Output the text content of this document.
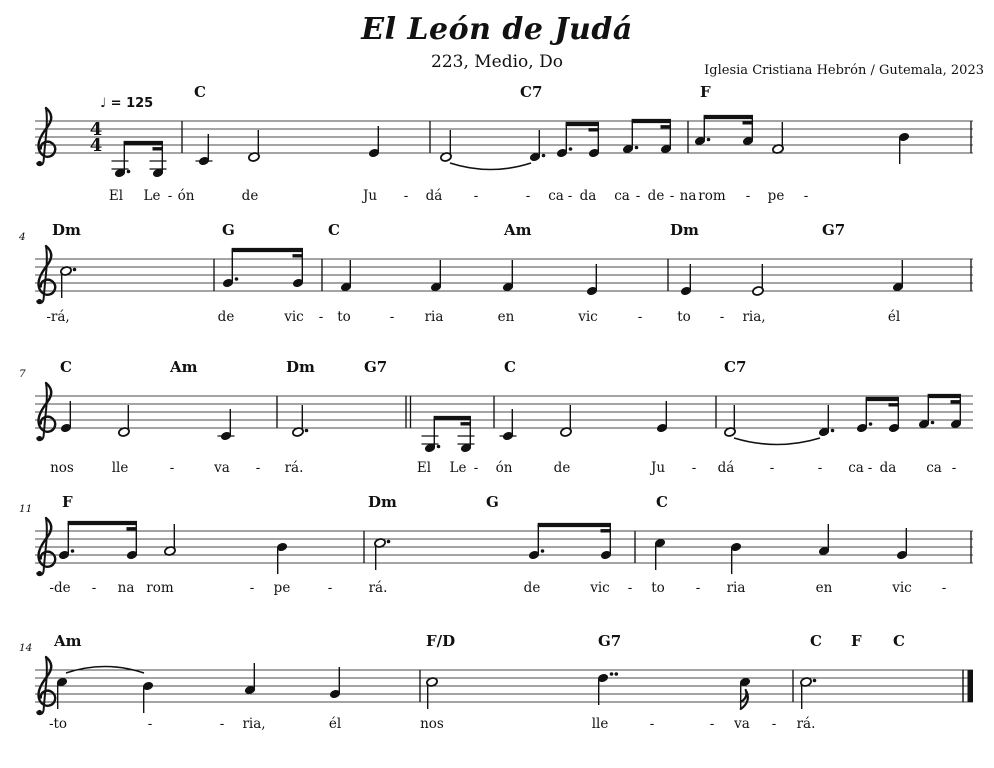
El León de Judá
223, Medio, Do	Iglesia Cristiana Hebrón / Gutemala, 2023
♩ = 125
4
4
C	C7	F
El Le - ón	de	Ju - dá -	- ca - da ca - de - na rom - pe -
4 Dm	G	C	Am	Dm	G7
-rá,	de	vic - to	- ria	en	vic	-	to - ria,	él
7 C	Am	Dm	G7	C	C7
nos	lle	-	va - rá.	El Le - ón	de	Ju - dá	-	- ca - da ca -
11 F	Dm	G	C
-de - na rom	- pe	-	rá.	de	vic - to - ria	en	vic -
14 Am	F/D	G7	C F C
-to	-	- ria,	él	nos	lle	-	- va - rá.
